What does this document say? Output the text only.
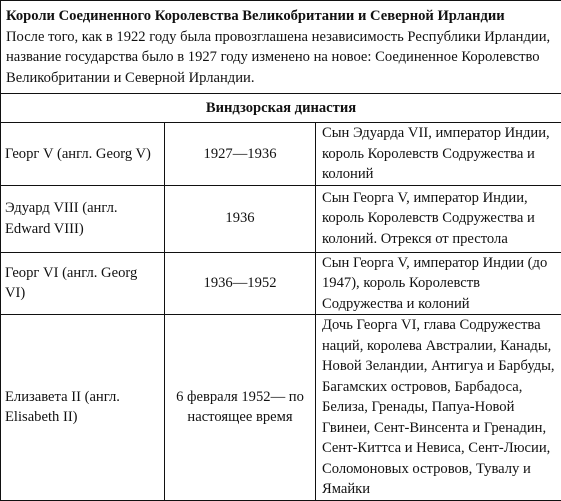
Короли Соединенного Королевства Великобритании и Северной Ирландии
После того, как в 1922 году была провозглашена независимость Республики Ирландии, название государства было в 1927 году изменено на новое: Соединенное Королевство Великобритании и Северной Ирландии.		
Виндзорская династия		
Георг V (англ. Georg V)	1927—1936	Сын Эдуарда VII, император Индии, король Королевств Содружества и колоний
Эдуард VIII (англ. Edward VIII)	1936	Сын Георга V, император Индии, король Королевств Содружества и колоний. Отрекся от престола
Георг VI (англ. Georg VI)	1936—1952	Сын Георга V, император Индии (до 1947), король Королевств Содружества и колоний
Елизавета II (англ. Elisabeth II)	6 февраля 1952— по настоящее время	Дочь Георга VI, глава Содружества наций, королева Австралии, Канады, Новой Зеландии, Антигуа и Барбуды, Багамских островов, Барбадоса, Белиза, Гренады, Папуа-Новой Гвинеи, Сент-Винсента и Гренадин, Сент-Киттса и Невиса, Сент-Люсии, Соломоновых островов, Тувалу и Ямайки
